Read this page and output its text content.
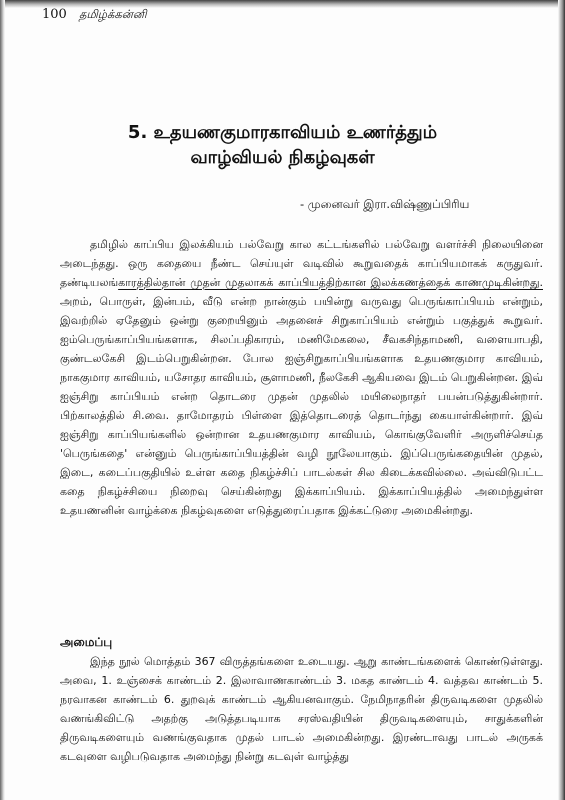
100 தமிழ்க்கன்னி
5. உதயணகுமாரகாவியம் உணர்த்தும்
வாழ்வியல் நிகழ்வுகள்
- முனைவர் இரா.விஷ்ணுப்பிரிய
தமிழில் காப்பிய இலக்கியம் பல்வேறு கால கட்டங்களில் பல்வேறு வளர்ச்சி நிலையினை அடைந்தது. ஒரு கதையை நீண்ட செய்யுள் வடிவில் கூறுவதைக் காப்பியமாகக் கருதுவர். தண்டியலங்காரத்தில்தான் முதன் முதலாகக் காப்பியத்திற்கான இலக்கணத்தைக் காணமுடிகின்றது. அறம், பொருள், இன்பம், வீடு என்ற நான்கும் பயின்று வருவது பெருங்காப்பியம் என்றும், இவற்றில் ஏதேனும் ஒன்று குறையினும் அதனைச் சிறுகாப்பியம் என்றும் பகுத்துக் கூறுவர். ஐம்பெருங்காப்பியங்களாக, சிலப்பதிகாரம், மணிமேகலை, சீவகசிந்தாமணி, வளையாபதி, குண்டலகேசி இடம்பெறுகின்றன. போல ஐஞ்சிறுகாப்பியங்களாக உதயணகுமார காவியம், நாககுமார காவியம், யசோதர காவியம், சூளாமணி, நீலகேசி ஆகியவை இடம் பெறுகின்றன. இவ் ஐஞ்சிறு காப்பியம் என்ற தொடரை முதன் முதலில் மயிலைநாதர் பயன்படுத்துகின்றார். பிற்காலத்தில் சி.வை. தாமோதரம் பிள்ளை இத்தொடரைத் தொடர்ந்து கையாள்கின்றார். இவ் ஐஞ்சிறு காப்பியங்களில் ஒன்றான உதயணகுமார காவியம், கொங்குவேளிர் அருளிச்செய்த 'பெருங்கதை' என்னும் பெருங்காப்பியத்தின் வழி நூலேயாகும். இப்பெருங்கதையின் முதல், இடை, கடைப்பகுதியில் உள்ள கதை நிகழ்ச்சிப் பாடல்கள் சில கிடைக்கவில்லை. அவ்விடுபட்ட கதை நிகழ்ச்சியை நிறைவு செய்கின்றது இக்காப்பியம். இக்காப்பியத்தில் அமைந்துள்ள உதயணனின் வாழ்க்கை நிகழ்வுகளை எடுத்துரைப்பதாக இக்கட்டுரை அமைகின்றது.
அமைப்பு
இந்த நூல் மொத்தம் 367 விருத்தங்களை உடையது. ஆறு காண்டங்களைக் கொண்டுள்ளது. அவை, 1. உஞ்சைக் காண்டம் 2. இலாவாணகாண்டம் 3. மகத காண்டம் 4. வத்தவ காண்டம் 5. நரவாகன காண்டம் 6. துறவுக் காண்டம் ஆகியனவாகும். நேமிநாதரின் திருவடிகளை முதலில் வணங்கிவிட்டு அதற்கு அடுத்தபடியாக சரஸ்வதியின் திருவடிகளையும், சாதுக்களின் திருவடிகளையும் வணங்குவதாக முதல் பாடல் அமைகின்றது. இரண்டாவது பாடல் அருகக் கடவுளை வழிபடுவதாக அமைந்து நின்று கடவுள் வாழ்த்து
